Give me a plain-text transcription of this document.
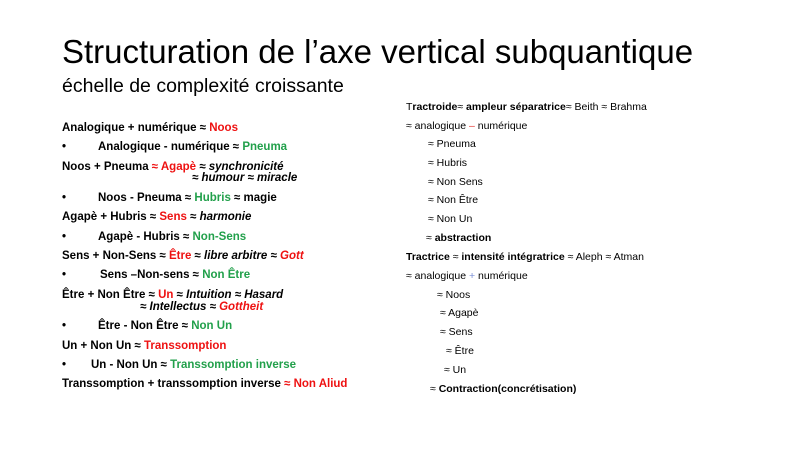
Structuration de l’axe vertical subquantique
échelle de complexité croissante
Analogique + numérique ≈ Noos
•	Analogique - numérique ≈ Pneuma
Noos + Pneuma ≈ Agapè ≈ synchronicité
≈ humour ≈ miracle
•	Noos - Pneuma ≈ Hubris ≈ magie
Agapè + Hubris ≈ Sens ≈ harmonie
•	Agapè - Hubris ≈ Non-Sens
Sens + Non-Sens ≈ Être ≈ libre arbitre ≈ Gott
•	Sens –Non-sens ≈ Non Être
Être + Non Être ≈ Un ≈ Intuition ≈ Hasard
≈ Intellectus ≈ Gottheit
•	Être - Non Être ≈ Non Un
Un + Non Un ≈ Transsomption
• Un - Non Un ≈ Transsomption inverse
Transsomption + transsomption inverse ≈ Non Aliud
Tractroide≈ ampleur séparatrice≈ Beith ≈ Brahma
≈ analogique – numérique
≈ Pneuma
≈ Hubris
≈ Non Sens
≈ Non Être
≈ Non Un
≈ abstraction
Tractrice ≈ intensité intégratrice ≈ Aleph ≈ Atman
≈ analogique + numérique
≈ Noos
≈ Agapè
≈ Sens
≈ Être
≈ Un
≈ Contraction(concrétisation)
